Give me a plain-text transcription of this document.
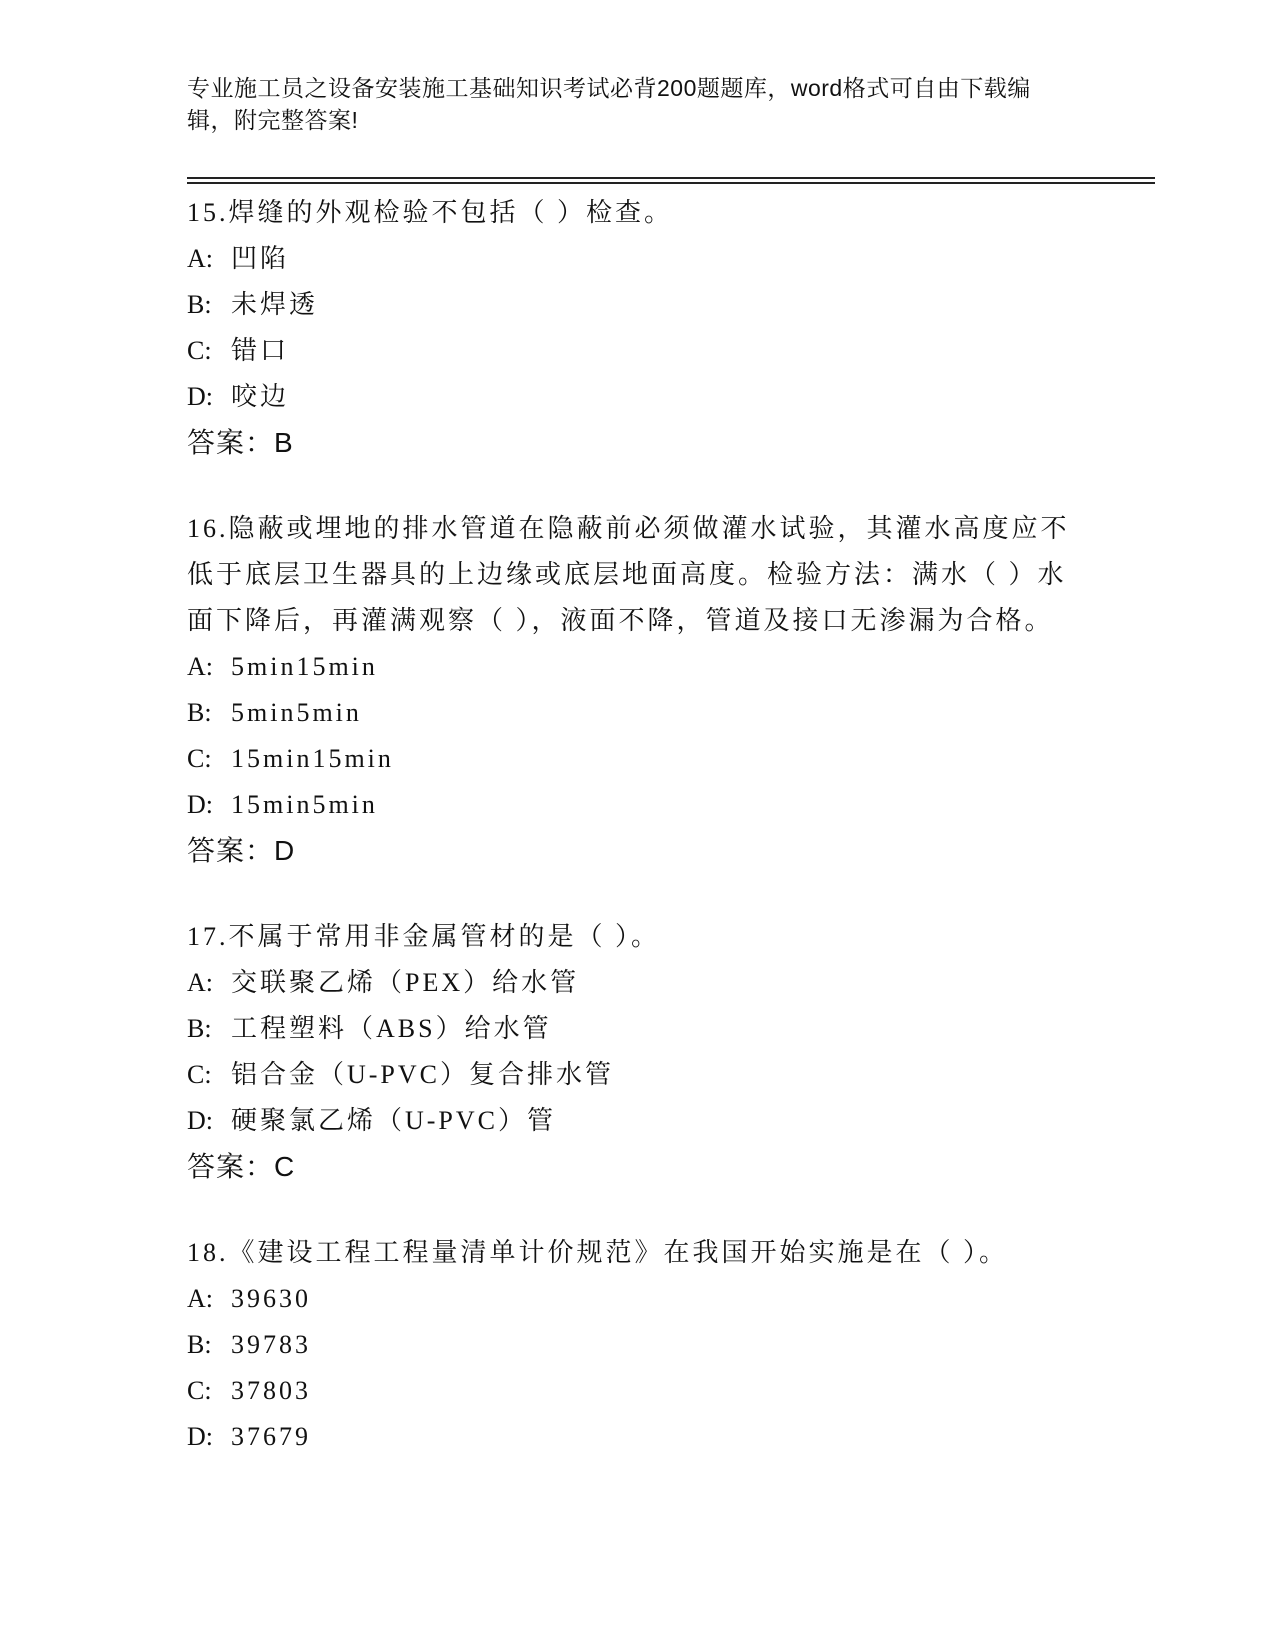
专业施工员之设备安装施工基础知识考试必背200题题库，word格式可自由下载编辑，附完整答案!

15.焊缝的外观检验不包括（ ）检查。

A: 凹陷
B: 未焊透
C: 错口
D: 咬边
答案：B

16.隐蔽或埋地的排水管道在隐蔽前必须做灌水试验，其灌水高度应不低于底层卫生器具的上边缘或底层地面高度。检验方法：满水（ ）水面下降后，再灌满观察（ ），液面不降，管道及接口无渗漏为合格。

A: 5min15min
B: 5min5min
C: 15min15min
D: 15min5min
答案：D

17.不属于常用非金属管材的是（ ）。

A: 交联聚乙烯（PEX）给水管
B: 工程塑料（ABS）给水管
C: 铝合金（U-PVC）复合排水管
D: 硬聚氯乙烯（U-PVC）管
答案：C

18.《建设工程工程量清单计价规范》在我国开始实施是在（ ）。

A: 39630
B: 39783
C: 37803
D: 37679
